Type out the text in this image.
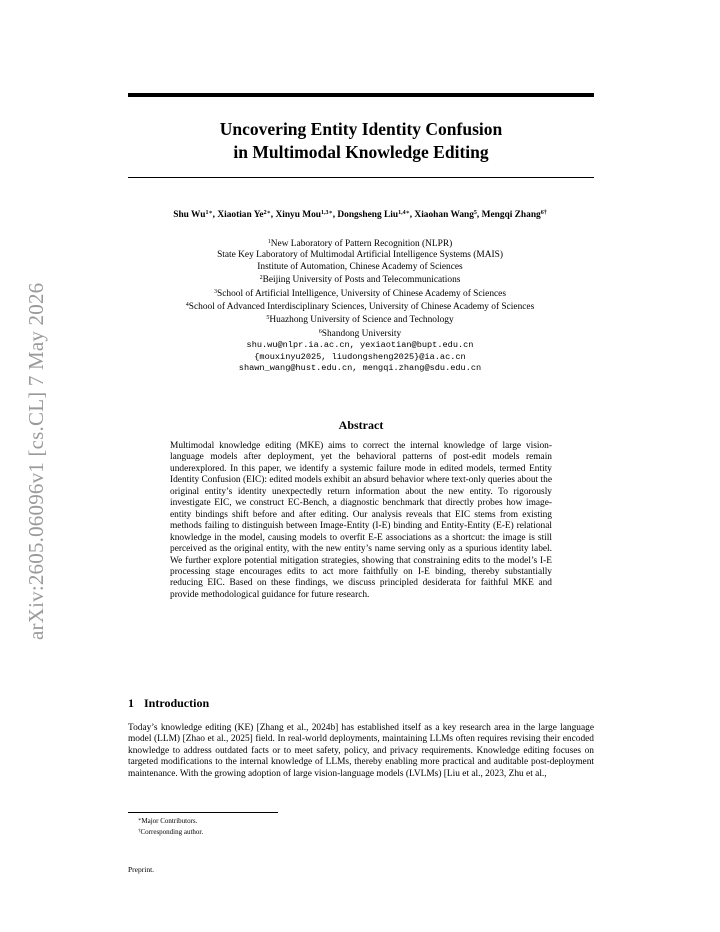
arXiv:2605.06096v1 [cs.CL] 7 May 2026
Uncovering Entity Identity Confusion
in Multimodal Knowledge Editing
Shu $Wu^{1∗}$, Xiaotian $Ye^{2∗}$, Xinyu Mou$^{1,3∗}$, Dongsheng Liu$^{1,4∗}$, Xiaohan Wang$^5$, Mengqi Zhang$^{6\dagger}$
$^1$New Laboratory of Pattern Recognition (NLPR)
State Key Laboratory of Multimodal Artificial Intelligence Systems (MAIS)
Institute of Automation, Chinese Academy of Sciences
$^2$Beijing University of Posts and Telecommunications
$^3$School of Artificial Intelligence, University of Chinese Academy of Sciences
$^4$School of Advanced Interdisciplinary Sciences, University of Chinese Academy of Sciences
$^5$Huazhong University of Science and Technology
$^6$Shandong University
shu.wu@nlpr.ia.ac.cn, yexiaotian@bupt.edu.cn
{mouxinyu2025, liudongsheng2025}@ia.ac.cn
shawn_wang@hust.edu.cn, mengqi.zhang@sdu.edu.cn
Abstract
Multimodal knowledge editing (MKE) aims to correct the internal knowledge of large vision-language models after deployment, yet the behavioral patterns of post-edit models remain underexplored. In this paper, we identify a systemic failure mode in edited models, termed Entity Identity Confusion (EIC): edited models exhibit an absurd behavior where text-only queries about the original entity’s identity unexpectedly return information about the new entity. To rigorously investigate EIC, we construct EC-Bench, a diagnostic benchmark that directly probes how image-entity bindings shift before and after editing. Our analysis reveals that EIC stems from existing methods failing to distinguish between Image-Entity (I-E) binding and Entity-Entity (E-E) relational knowledge in the model, causing models to overfit E-E associations as a shortcut: the image is still perceived as the original entity, with the new entity’s name serving only as a spurious identity label. We further explore potential mitigation strategies, showing that constraining edits to the model’s I-E processing stage encourages edits to act more faithfully on I-E binding, thereby substantially reducing EIC. Based on these findings, we discuss principled desiderata for faithful MKE and provide methodological guidance for future research.
1 Introduction
Today’s knowledge editing (KE) [Zhang et al., 2024b] has established itself as a key research area in the large language model (LLM) [Zhao et al., 2025] field. In real-world deployments, maintaining LLMs often requires revising their encoded knowledge to address outdated facts or to meet safety, policy, and privacy requirements. Knowledge editing focuses on targeted modifications to the internal knowledge of LLMs, thereby enabling more practical and auditable post-deployment maintenance. With the growing adoption of large vision-language models (LVLMs) [Liu et al., 2023, Zhu et al.,
∗Major Contributors.
†Corresponding author.
Preprint.
